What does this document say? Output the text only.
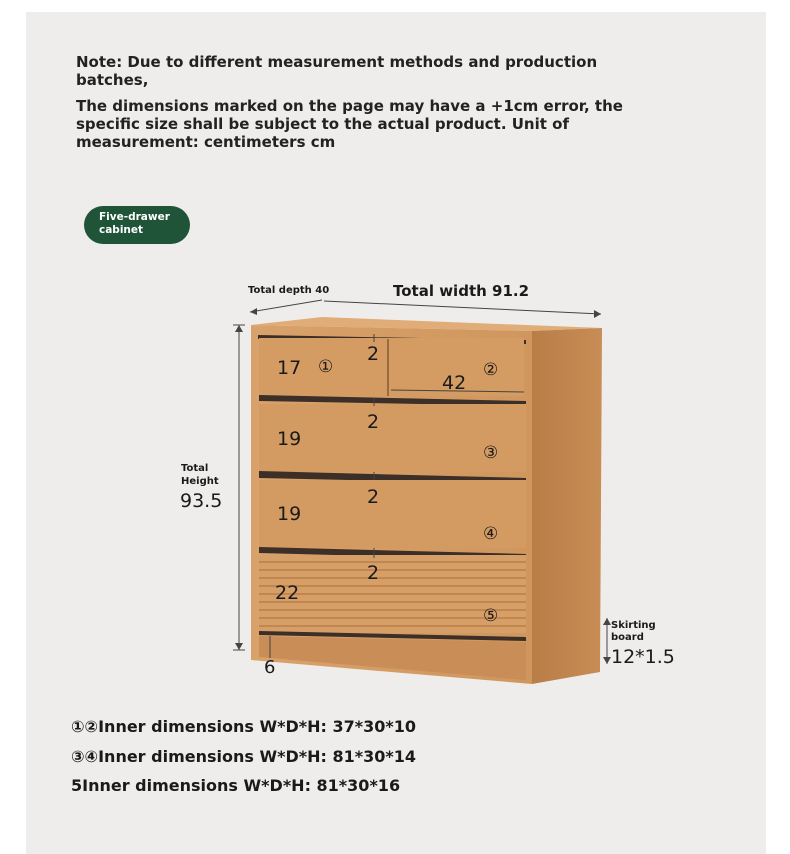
Note: Due to different measurement methods and production batches,

The dimensions marked on the page may have a +1cm error, the specific size shall be subject to the actual product. Unit of measurement: centimeters cm

Five-drawer cabinet
Total depth 40	Total width 91.2
Total
Height
93.5
Skirting
board
12*1.5
6
17
42
19
19
22
2
2
2
2
①	②
③
④
⑤
①②Inner dimensions W*D*H: 37*30*10
③④Inner dimensions W*D*H: 81*30*14
5Inner dimensions W*D*H: 81*30*16
